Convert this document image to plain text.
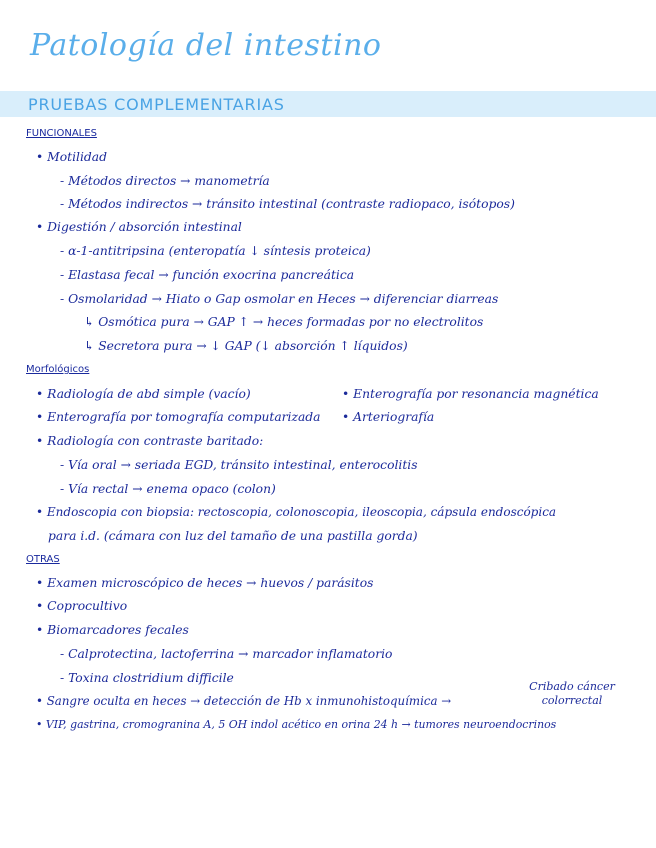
Patología del intestino
PRUEBAS COMPLEMENTARIAS
FUNCIONALES
• Motilidad
- Métodos directos → manometría
- Métodos indirectos → tránsito intestinal (contraste radiopaco, isótopos)
• Digestión / absorción intestinal
- α-1-antitripsina (enteropatía ↓ síntesis proteica)
- Elastasa fecal → función exocrina pancreática
- Osmolaridad → Hiato o Gap osmolar en Heces → diferenciar diarreas
↳ Osmótica pura → GAP ↑ → heces formadas por no electrolitos
↳ Secretora pura → ↓ GAP (↓ absorción ↑ líquidos)
Morfológicos
• Radiología de abd simple (vacío)	• Enterografía por resonancia magnética
• Enterografía por tomografía computarizada • Arteriografía
• Radiología con contraste baritado:
- Vía oral → seriada EGD, tránsito intestinal, enterocolitis
- Vía rectal → enema opaco (colon)
• Endoscopia con biopsia: rectoscopia, colonoscopia, ileoscopia, cápsula endoscópica
para i.d. (cámara con luz del tamaño de una pastilla gorda)
OTRAS
• Examen microscópico de heces → huevos / parásitos
• Coprocultivo
• Biomarcadores fecales
- Calprotectina, lactoferrina → marcador inflamatorio
- Toxina clostridium difficile
• Sangre oculta en heces → detección de Hb x inmunohistoquímica →
Cribado cáncer
colorrectal
• VIP, gastrina, cromogranina A, 5 OH indol acético en orina 24 h → tumores neuroendocrinos
